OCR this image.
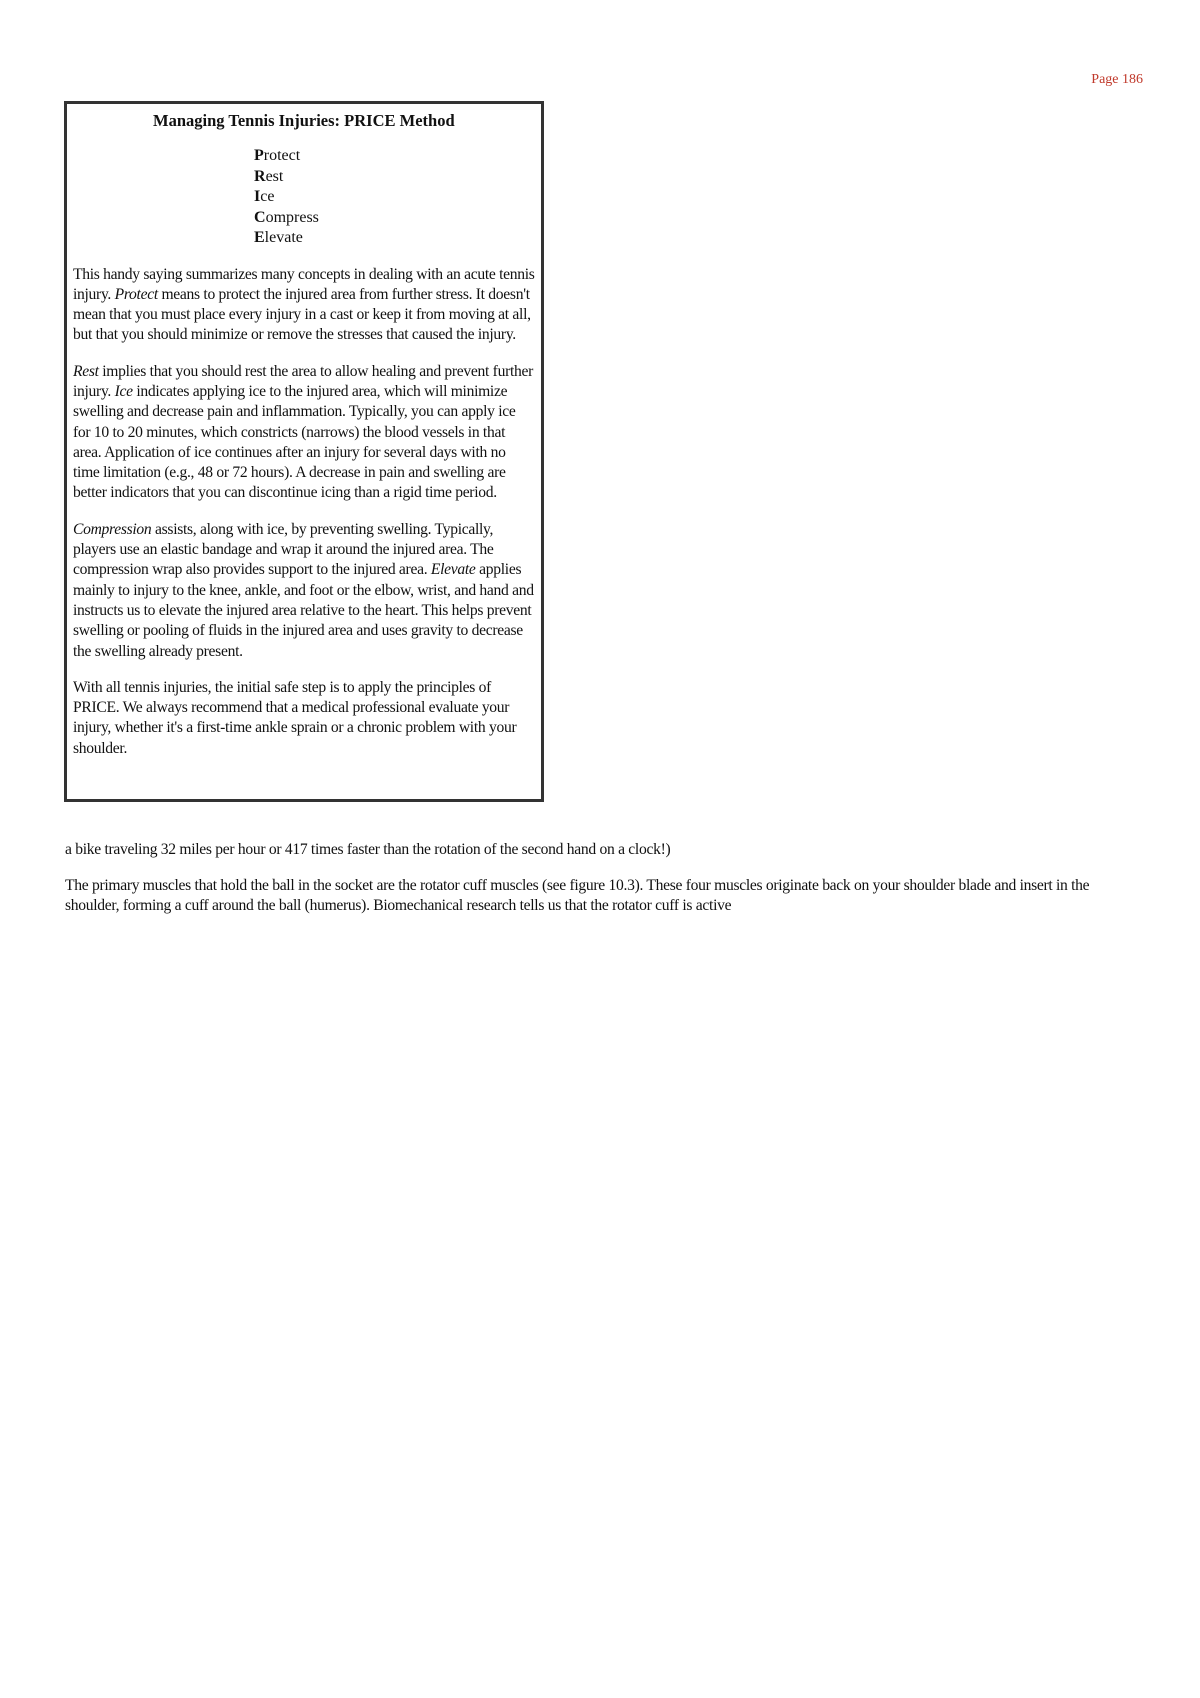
Page 186
Managing Tennis Injuries: PRICE Method
Protect
Rest
Ice
Compress
Elevate

This handy saying summarizes many concepts in dealing with an acute tennis injury. Protect means to protect the injured area from further stress. It doesn't mean that you must place every injury in a cast or keep it from moving at all, but that you should minimize or remove the stresses that caused the injury.

Rest implies that you should rest the area to allow healing and prevent further injury. Ice indicates applying ice to the injured area, which will minimize swelling and decrease pain and inflammation. Typically, you can apply ice for 10 to 20 minutes, which constricts (narrows) the blood vessels in that area. Application of ice continues after an injury for several days with no time limitation (e.g., 48 or 72 hours). A decrease in pain and swelling are better indicators that you can discontinue icing than a rigid time period.

Compression assists, along with ice, by preventing swelling. Typically, players use an elastic bandage and wrap it around the injured area. The compression wrap also provides support to the injured area. Elevate applies mainly to injury to the knee, ankle, and foot or the elbow, wrist, and hand and instructs us to elevate the injured area relative to the heart. This helps prevent swelling or pooling of fluids in the injured area and uses gravity to decrease the swelling already present.

With all tennis injuries, the initial safe step is to apply the principles of PRICE. We always recommend that a medical professional evaluate your injury, whether it's a first-time ankle sprain or a chronic problem with your shoulder.

a bike traveling 32 miles per hour or 417 times faster than the rotation of the second hand on a clock!)

The primary muscles that hold the ball in the socket are the rotator cuff muscles (see figure 10.3). These four muscles originate back on your shoulder blade and insert in the shoulder, forming a cuff around the ball (humerus). Biomechanical research tells us that the rotator cuff is active
